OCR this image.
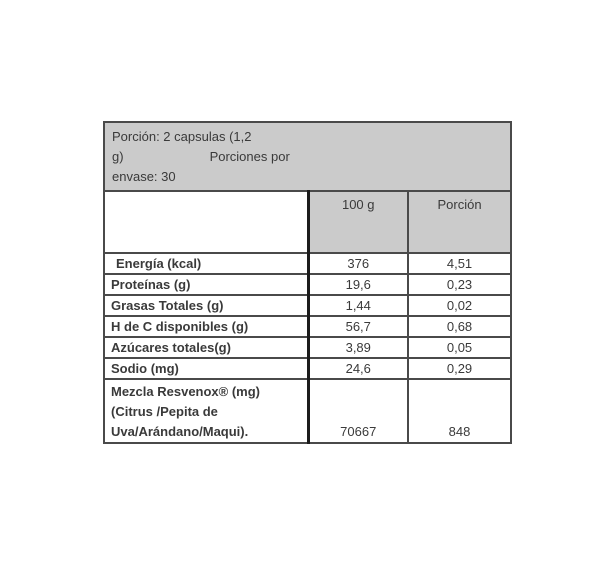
Porción: 2 capsulas (1,2
g) Porciones por
envase: 30		

	100 g	Porción
Energía (kcal)	376	4,51
Proteínas (g)	19,6	0,23
Grasas Totales (g)	1,44	0,02
H de C disponibles (g)	56,7	0,68
Azúcares totales(g)	3,89	0,05
Sodio (mg)	24,6	0,29

Mezcla Resvenox® (mg)
(Citrus /Pepita de
Uva/Arándano/Maqui).	70667	848
